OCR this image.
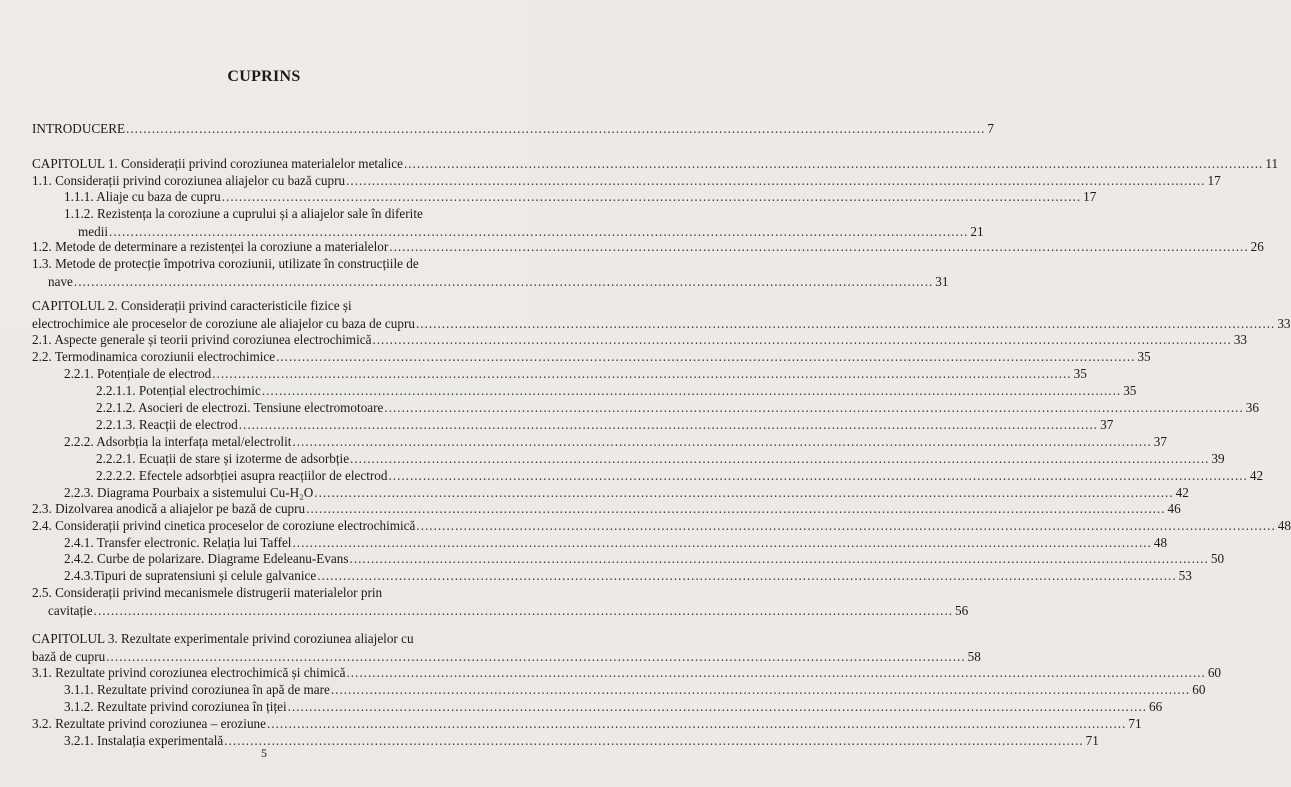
CUPRINS
INTRODUCERE ........................................................................................................................................................................................................ 7
CAPITOLUL 1. Considerații privind coroziunea materialelor metalice ........................................................................................................................................................................................................ 11
1.1. Considerații privind coroziunea aliajelor cu bază cupru ........................................................................................................................................................................................................ 17
1.1.1. Aliaje cu baza de cupru ........................................................................................................................................................................................................ 17
1.1.2. Rezistența la coroziune a cuprului și a aliajelor sale în diferite
medii ........................................................................................................................................................................................................ 21
1.2. Metode de determinare a rezistenței la coroziune a materialelor ........................................................................................................................................................................................................ 26
1.3. Metode de protecție împotriva coroziunii, utilizate în construcțiile de
nave ........................................................................................................................................................................................................ 31
CAPITOLUL 2. Considerații privind caracteristicile fizice și
electrochimice ale proceselor de coroziune ale aliajelor cu baza de cupru ........................................................................................................................................................................................................ 33
2.1. Aspecte generale și teorii privind coroziunea electrochimică ........................................................................................................................................................................................................ 33
2.2. Termodinamica coroziunii electrochimice ........................................................................................................................................................................................................ 35
2.2.1. Potențiale de electrod ........................................................................................................................................................................................................ 35
2.2.1.1. Potențial electrochimic ........................................................................................................................................................................................................ 35
2.2.1.2. Asocieri de electrozi. Tensiune electromotoare ........................................................................................................................................................................................................ 36
2.2.1.3. Reacții de electrod ........................................................................................................................................................................................................ 37
2.2.2. Adsorbția la interfața metal/electrolit ........................................................................................................................................................................................................ 37
2.2.2.1. Ecuații de stare și izoterme de adsorbție ........................................................................................................................................................................................................ 39
2.2.2.2. Efectele adsorbției asupra reacțiilor de electrod ........................................................................................................................................................................................................ 42
2.2.3. Diagrama Pourbaix a sistemului Cu-H₂O ........................................................................................................................................................................................................ 42
2.3. Dizolvarea anodică a aliajelor pe bază de cupru ........................................................................................................................................................................................................ 46
2.4. Considerații privind cinetica proceselor de coroziune electrochimică ........................................................................................................................................................................................................ 48
2.4.1. Transfer electronic. Relația lui Taffel ........................................................................................................................................................................................................ 48
2.4.2. Curbe de polarizare. Diagrame Edeleanu-Evans ........................................................................................................................................................................................................ 50
2.4.3.Tipuri de supratensiuni și celule galvanice ........................................................................................................................................................................................................ 53
2.5. Considerații privind mecanismele distrugerii materialelor prin
cavitație ........................................................................................................................................................................................................ 56
CAPITOLUL 3. Rezultate experimentale privind coroziunea aliajelor cu
bază de cupru ........................................................................................................................................................................................................ 58
3.1. Rezultate privind coroziunea electrochimică și chimică ........................................................................................................................................................................................................ 60
3.1.1. Rezultate privind coroziunea în apă de mare ........................................................................................................................................................................................................ 60
3.1.2. Rezultate privind coroziunea în țiței ........................................................................................................................................................................................................ 66
3.2. Rezultate privind coroziunea – eroziune ........................................................................................................................................................................................................ 71
3.2.1. Instalația experimentală ........................................................................................................................................................................................................ 71
5
